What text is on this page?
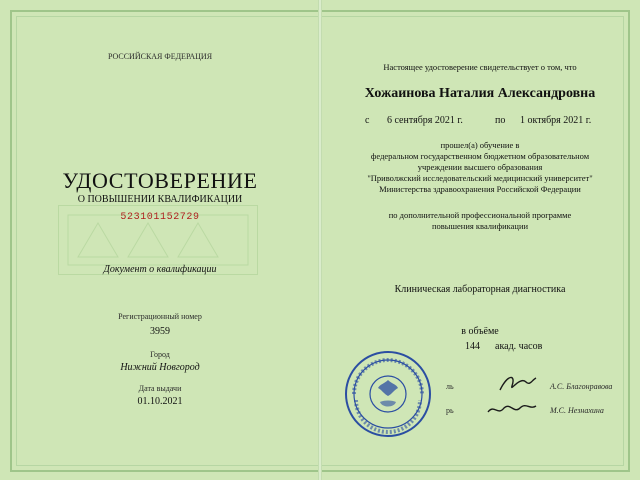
РОССИЙСКАЯ ФЕДЕРАЦИЯ
УДОСТОВЕРЕНИЕ
О ПОВЫШЕНИИ КВАЛИФИКАЦИИ
523101152729
Документ о квалификации
Регистрационный номер
3959
Город
Нижний Новгород
Дата выдачи
01.10.2021
Настоящее удостоверение свидетельствует о том, что
Хожаинова Наталия Александровна
с 6 сентября 2021 г.	по 1 октября 2021 г.
прошел(а) обучение в
федеральном государственном бюджетном образовательном
учреждении высшего образования
"Приволжский исследовательский медицинский университет"
Министерства здравоохранения Российской Федерации
по дополнительной профессиональной программе
повышения квалификации
Клиническая лабораторная диагностика
в объёме
144 акад. часов
ль	А.С. Благонравова
рь	М.С. Незнахина
